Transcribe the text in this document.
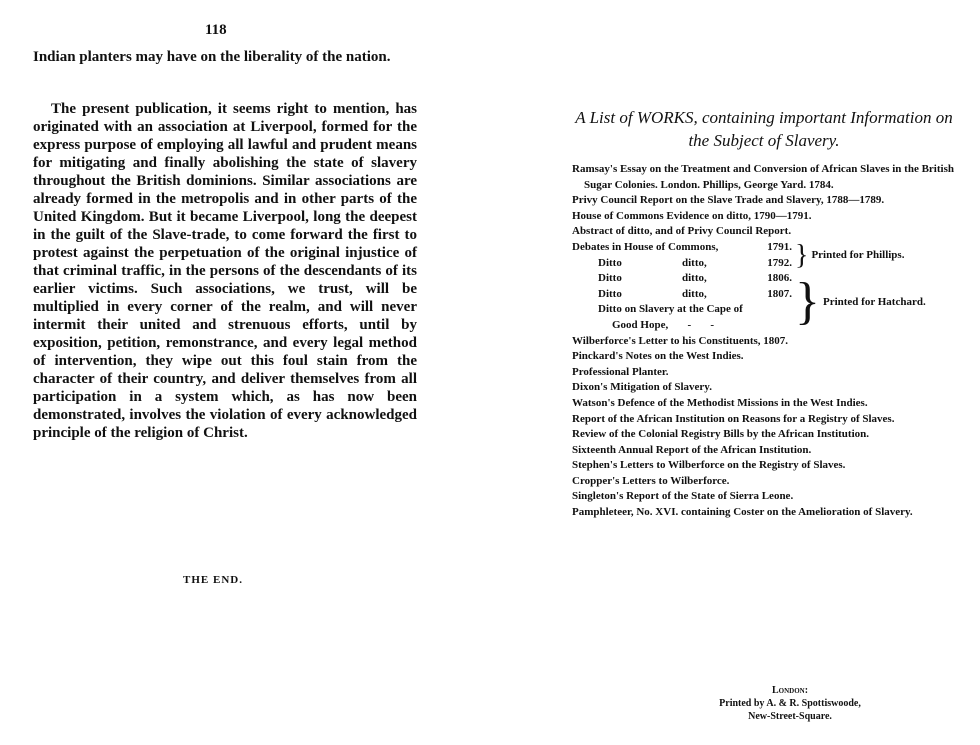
118

Indian planters may have on the liberality of the nation.

The present publication, it seems right to mention, has originated with an association at Liverpool, formed for the express purpose of employing all lawful and prudent means for mitigating and finally abolishing the state of slavery throughout the British dominions. Similar associations are already formed in the metropolis and in other parts of the United Kingdom. But it became Liverpool, long the deepest in the guilt of the Slave-trade, to come forward the first to protest against the perpetuation of the original injustice of that criminal traffic, in the persons of the descendants of its earlier victims. Such associations, we trust, will be multiplied in every corner of the realm, and will never intermit their united and strenuous efforts, until by exposition, petition, remonstrance, and every legal method of intervention, they wipe out this foul stain from the character of their country, and deliver themselves from all participation in a system which, as has now been demonstrated, involves the violation of every acknowledged principle of the religion of Christ.

THE END.

A List of WORKS, containing important Information on the Subject of Slavery.

Ramsay's Essay on the Treatment and Conversion of African Slaves in the British Sugar Colonies. London. Phillips, George Yard. 1784.
Privy Council Report on the Slave Trade and Slavery, 1788—1789.
House of Commons Evidence on ditto, 1790—1791.
Abstract of ditto, and of Privy Council Report.
Debates in House of Commons,	1791.
Ditto	ditto,	1792. } Printed for Phillips.
Ditto	ditto,	1806.
Ditto	ditto,	1807.
Ditto on Slavery at the Cape of
Good Hope,       -       -	} Printed for Hatchard.
Wilberforce's Letter to his Constituents, 1807.
Pinckard's Notes on the West Indies.
Professional Planter.
Dixon's Mitigation of Slavery.
Watson's Defence of the Methodist Missions in the West Indies.
Report of the African Institution on Reasons for a Registry of Slaves.
Review of the Colonial Registry Bills by the African Institution.
Sixteenth Annual Report of the African Institution.
Stephen's Letters to Wilberforce on the Registry of Slaves.
Cropper's Letters to Wilberforce.
Singleton's Report of the State of Sierra Leone.
Pamphleteer, No. XVI. containing Coster on the Amelioration of Slavery.
London:
Printed by A. & R. Spottiswoode,
New-Street-Square.
